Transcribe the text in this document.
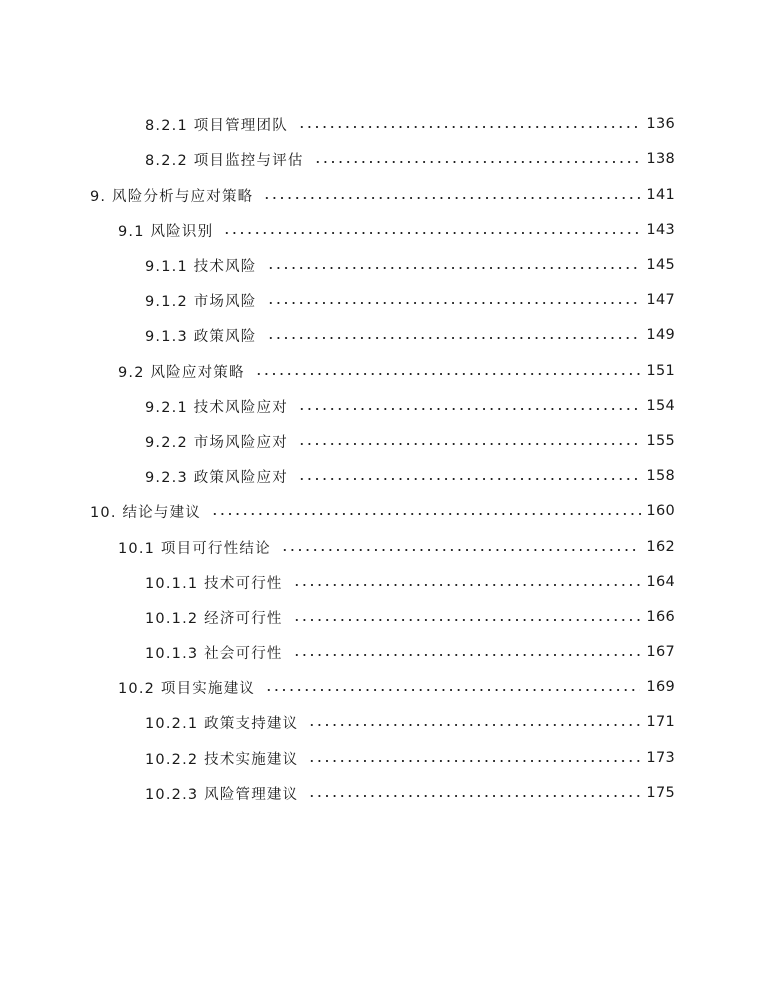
8.2.1 项目管理团队	136
8.2.2 项目监控与评估	138
9. 风险分析与应对策略	141
9.1 风险识别	143
9.1.1 技术风险	145
9.1.2 市场风险	147
9.1.3 政策风险	149
9.2 风险应对策略	151
9.2.1 技术风险应对	154
9.2.2 市场风险应对	155
9.2.3 政策风险应对	158
10. 结论与建议	160
10.1 项目可行性结论	162
10.1.1 技术可行性	164
10.1.2 经济可行性	166
10.1.3 社会可行性	167
10.2 项目实施建议	169
10.2.1 政策支持建议	171
10.2.2 技术实施建议	173
10.2.3 风险管理建议	175
